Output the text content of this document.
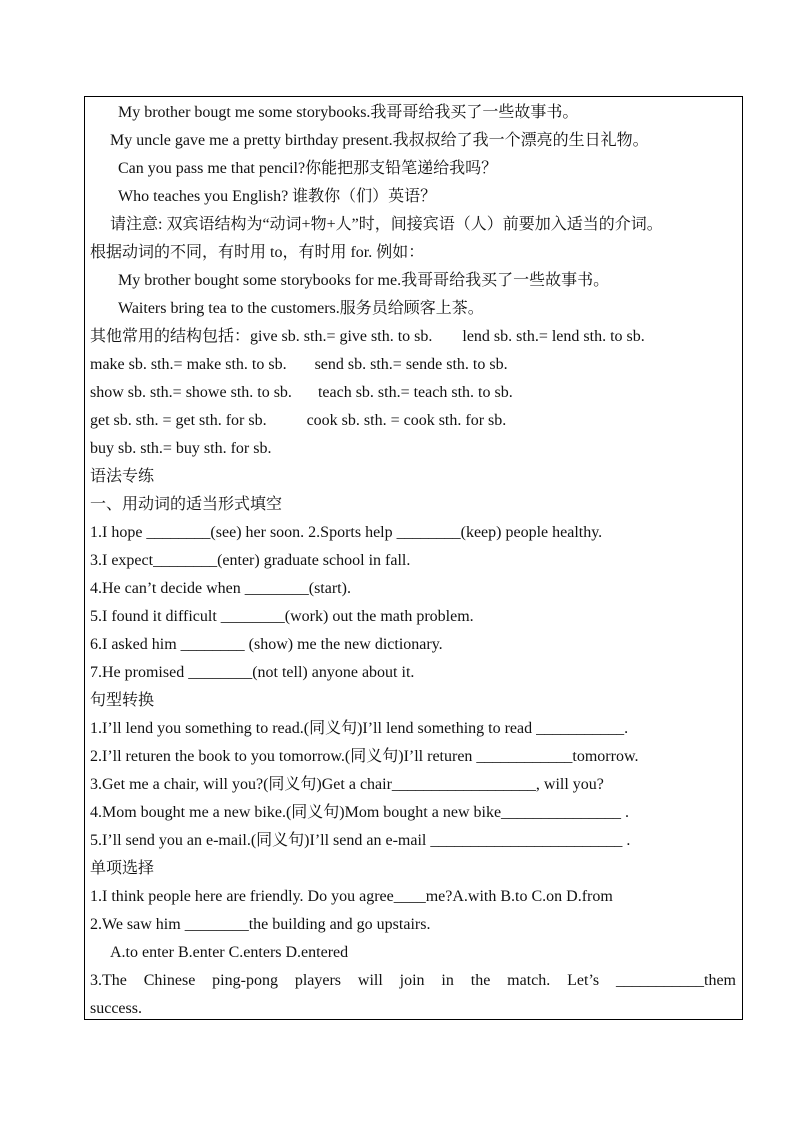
My brother bougt me some storybooks.我哥哥给我买了一些故事书。
My uncle gave me a pretty birthday present.我叔叔给了我一个漂亮的生日礼物。
Can you pass me that pencil?你能把那支铅笔递给我吗？
Who teaches you English? 谁教你（们）英语？
请注意: 双宾语结构为“动词+物+人”时，间接宾语（人）前要加入适当的介词。
根据动词的不同，有时用 to，有时用 for. 例如：
My brother bought some storybooks for me.我哥哥给我买了一些故事书。
Waiters bring tea to the customers.服务员给顾客上茶。
其他常用的结构包括：give sb. sth.= give sth. to sb. lend sb. sth.= lend sth. to sb.
make sb. sth.= make sth. to sb. send sb. sth.= sende sth. to sb.
show sb. sth.= showe sth. to sb. teach sb. sth.= teach sth. to sb.
get sb. sth. = get sth. for sb.	cook sb. sth. = cook sth. for sb.
buy sb. sth.= buy sth. for sb.
语法专练
一、用动词的适当形式填空
1.I hope ________(see) her soon. 2.Sports help ________(keep) people healthy.
3.I expect________(enter) graduate school in fall.
4.He can’t decide when ________(start).
5.I found it difficult ________(work) out the math problem.
6.I asked him ________ (show) me the new dictionary.
7.He promised ________(not tell) anyone about it.
句型转换
1.I’ll lend you something to read.(同义句)I’ll lend something to read ___________.
2.I’ll returen the book to you tomorrow.(同义句)I’ll returen ____________tomorrow.
3.Get me a chair, will you?(同义句)Get a chair__________________, will you?
4.Mom bought me a new bike.(同义句)Mom bought a new bike_______________ .
5.I’ll send you an e-mail.(同义句)I’ll send an e-mail ________________________ .
单项选择
1.I think people here are friendly. Do you agree____me?A.with B.to C.on D.from
2.We saw him ________the building and go upstairs.
A.to enter B.enter C.enters D.entered
3.The Chinese ping-pong players will join in the match. Let’s ___________them
success.
